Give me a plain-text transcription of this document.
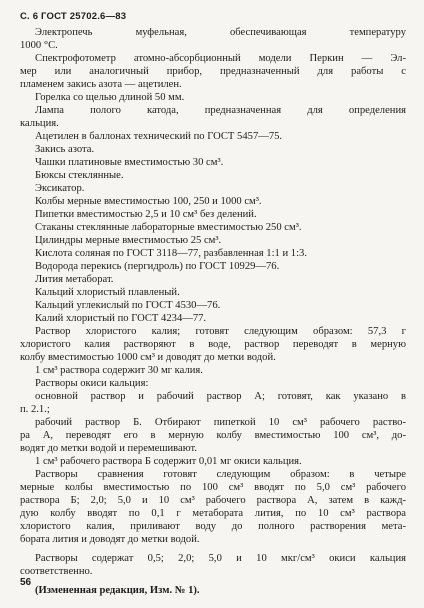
С. 6 ГОСТ 25702.6—83

Электропечь муфельная, обеспечивающая температуру

1000 °С.

Спектрофотометр атомно-абсорбционный модели Перкин — Эл-

мер или аналогичный прибор, предназначенный для работы с

пламенем закись азота — ацетилен.

Горелка со щелью длиной 50 мм.

Лампа полого катода, предназначенная для определения

кальция.

Ацетилен в баллонах технический по ГОСТ 5457—75.

Закись азота.

Чашки платиновые вместимостью 30 см³.

Бюксы стеклянные.

Эксикатор.

Колбы мерные вместимостью 100, 250 и 1000 см³.

Пипетки вместимостью 2,5 и 10 см³ без делений.

Стаканы стеклянные лабораторные вместимостью 250 см³.

Цилиндры мерные вместимостью 25 см³.

Кислота соляная по ГОСТ 3118—77, разбавленная 1:1 и 1:3.

Водорода перекись (пергидроль) по ГОСТ 10929—76.

Лития метаборат.

Кальций хлористый плавленый.

Кальций углекислый по ГОСТ 4530—76.

Калий хлористый по ГОСТ 4234—77.

Раствор хлористого калия; готовят следующим образом: 57,3 г

хлористого калия растворяют в воде, раствор переводят в мерную

колбу вместимостью 1000 см³ и доводят до метки водой.

1 см³ раствора содержит 30 мг калия.

Растворы окиси кальция:

основной раствор и рабочий раствор А; готовят, как указано в

п. 2.1.;

рабочий раствор Б. Отбирают пипеткой 10 см³ рабочего раство-

ра А, переводят его в мерную колбу вместимостью 100 см³, до-

водят до метки водой и перемешивают.

1 см³ рабочего раствора Б содержит 0,01 мг окиси кальция.

Растворы сравнения готовят следующим образом: в четыре

мерные колбы вместимостью по 100 см³ вводят по 5,0 см³ рабочего

раствора Б; 2,0; 5,0 и 10 см³ рабочего раствора А, затем в кажд-

дую колбу вводят по 0,1 г метабората лития, по 10 см³ раствора

хлористого калия, приливают воду до полного растворения мета-

бората лития и доводят до метки водой.

Растворы содержат 0,5; 2,0; 5,0 и 10 мкг/см³ окиси кальция

соответственно.

(Измененная редакция, Изм. № 1).

56
